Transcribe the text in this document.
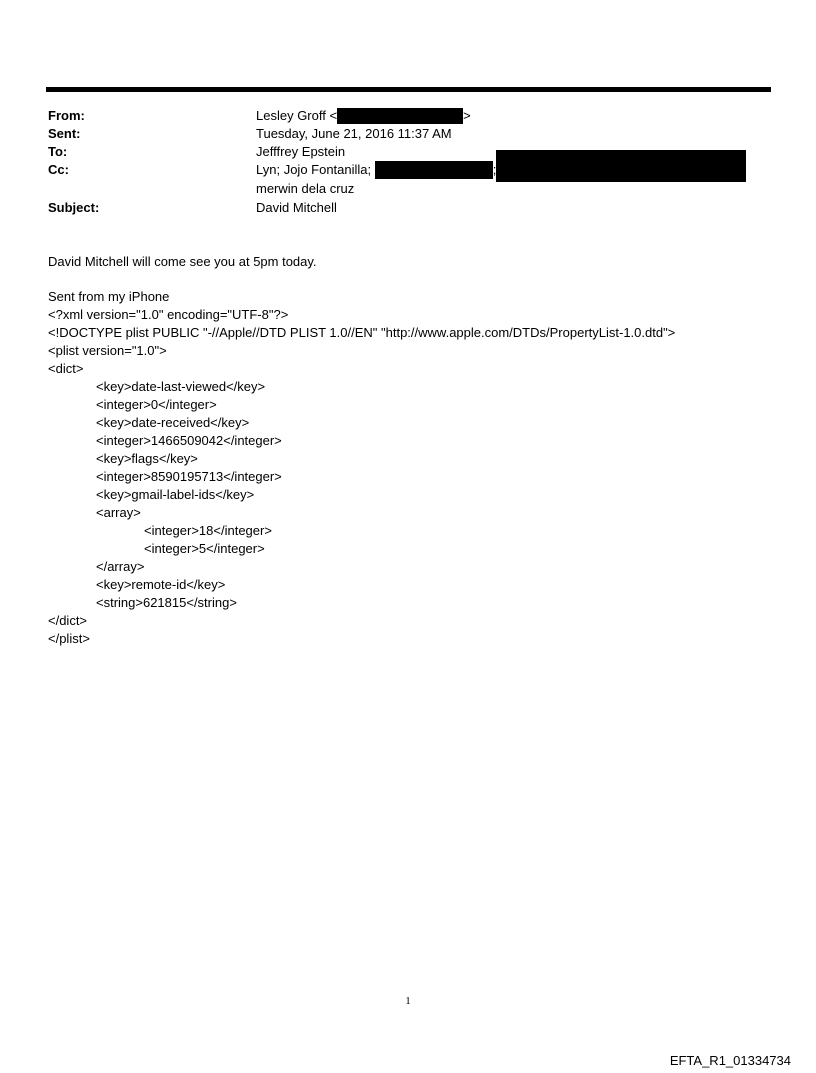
From:	Lesley Groff <	>
Sent:	Tuesday, June 21, 2016 11:37 AM
To:	Jefffrey Epstein
Cc:	Lyn; Jojo Fontanilla;	;
merwin dela cruz
Subject:	David Mitchell
David Mitchell will come see you at 5pm today.
Sent from my iPhone
<?xml version="1.0" encoding="UTF-8"?>
<!DOCTYPE plist PUBLIC "-//Apple//DTD PLIST 1.0//EN" "http://www.apple.com/DTDs/PropertyList-1.0.dtd">
<plist version="1.0">
<dict>
<key>date-last-viewed</key>
<integer>0</integer>
<key>date-received</key>
<integer>1466509042</integer>
<key>flags</key>
<integer>8590195713</integer>
<key>gmail-label-ids</key>
<array>
<integer>18</integer>
<integer>5</integer>
</array>
<key>remote-id</key>
<string>621815</string>
</dict>
</plist>
1
EFTA_R1_01334734
